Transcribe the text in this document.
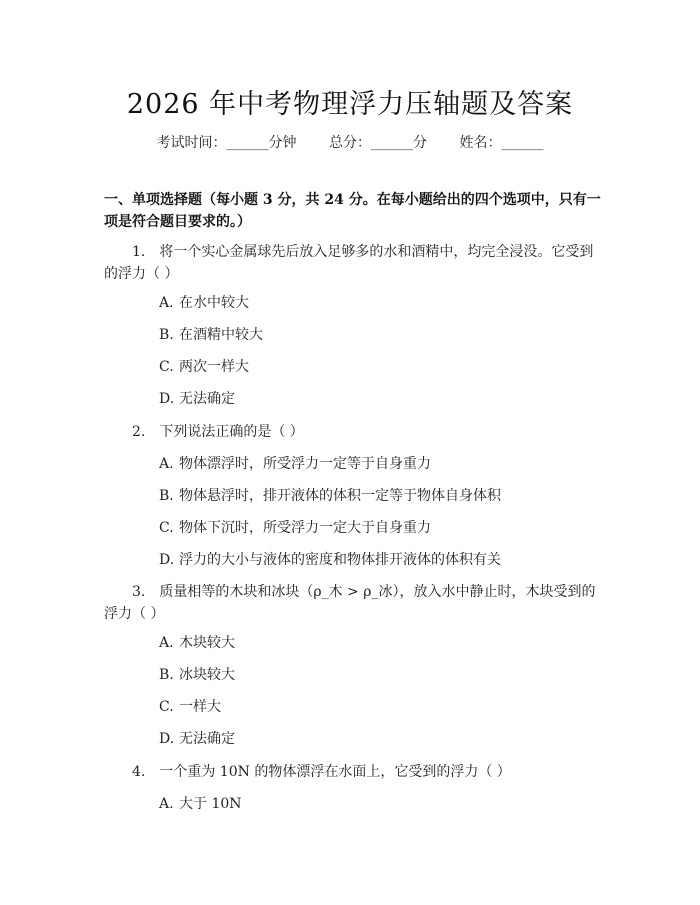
2026 年中考物理浮力压轴题及答案
考试时间：______分钟 总分：______分 姓名：______
一、单项选择题（每小题 3 分，共 24 分。在每小题给出的四个选项中，只有一项是符合题目要求的。）
1. 将一个实心金属球先后放入足够多的水和酒精中，均完全浸没。它受到的浮力（ ）
A. 在水中较大
B. 在酒精中较大
C. 两次一样大
D. 无法确定
2. 下列说法正确的是（ ）
A. 物体漂浮时，所受浮力一定等于自身重力
B. 物体悬浮时，排开液体的体积一定等于物体自身体积
C. 物体下沉时，所受浮力一定大于自身重力
D. 浮力的大小与液体的密度和物体排开液体的体积有关
3. 质量相等的木块和冰块（ρ_木 > ρ_冰），放入水中静止时，木块受到的浮力（ ）
A. 木块较大
B. 冰块较大
C. 一样大
D. 无法确定
4. 一个重为 10N 的物体漂浮在水面上，它受到的浮力（ ）
A. 大于 10N
